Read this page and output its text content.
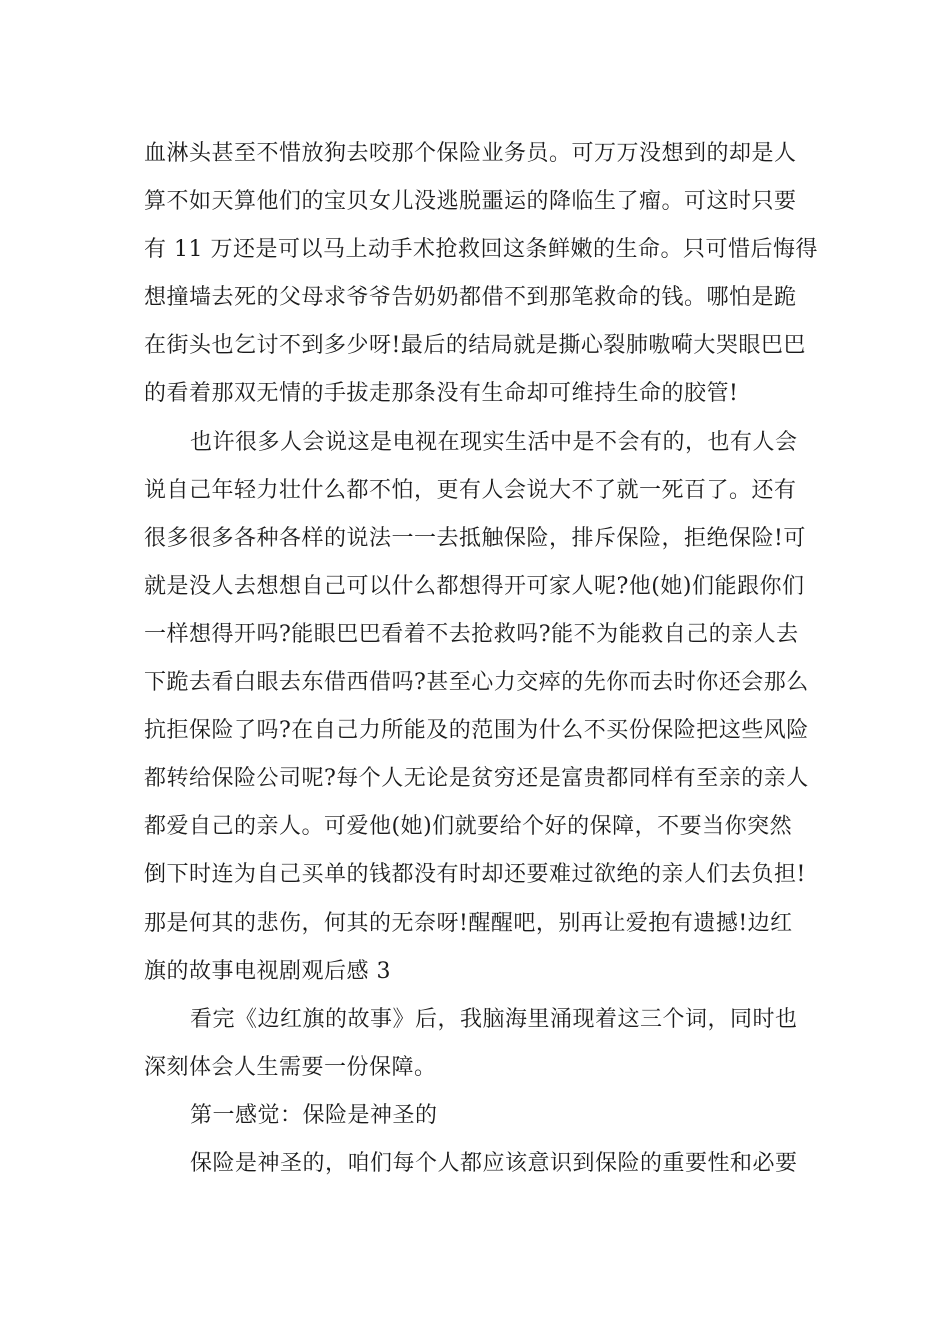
血淋头甚至不惜放狗去咬那个保险业务员。可万万没想到的却是人
算不如天算他们的宝贝女儿没逃脱噩运的降临生了瘤。可这时只要
有 11 万还是可以马上动手术抢救回这条鲜嫩的生命。只可惜后悔得
想撞墙去死的父母求爷爷告奶奶都借不到那笔救命的钱。哪怕是跪
在街头也乞讨不到多少呀!最后的结局就是撕心裂肺嗷嗬大哭眼巴巴
的看着那双无情的手拔走那条没有生命却可维持生命的胶管!
也许很多人会说这是电视在现实生活中是不会有的，也有人会
说自己年轻力壮什么都不怕，更有人会说大不了就一死百了。还有
很多很多各种各样的说法一一去抵触保险，排斥保险，拒绝保险!可
就是没人去想想自己可以什么都想得开可家人呢?他(她)们能跟你们
一样想得开吗?能眼巴巴看着不去抢救吗?能不为能救自己的亲人去
下跪去看白眼去东借西借吗?甚至心力交瘁的先你而去时你还会那么
抗拒保险了吗?在自己力所能及的范围为什么不买份保险把这些风险
都转给保险公司呢?每个人无论是贫穷还是富贵都同样有至亲的亲人
都爱自己的亲人。可爱他(她)们就要给个好的保障，不要当你突然
倒下时连为自己买单的钱都没有时却还要难过欲绝的亲人们去负担!
那是何其的悲伤，何其的无奈呀!醒醒吧，别再让爱抱有遗撼!边红
旗的故事电视剧观后感 3
看完《边红旗的故事》后，我脑海里涌现着这三个词，同时也
深刻体会人生需要一份保障。
第一感觉：保险是神圣的
保险是神圣的，咱们每个人都应该意识到保险的重要性和必要
